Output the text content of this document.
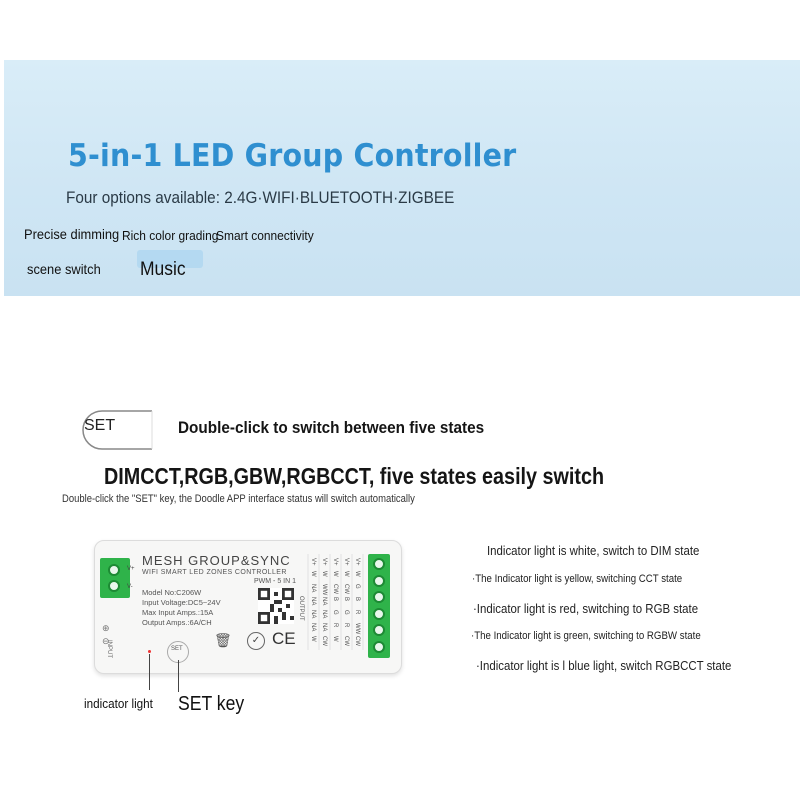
5-in-1 LED Group Controller
Four options available: 2.4G·WIFI·BLUETOOTH·ZIGBEE
Precise dimming Rich color grading
Smart connectivity
scene switch Music
SET	Double-click to switch between five states
DIMCCT,RGB,GBW,RGBCCT, five states easily switch
Double-click the "SET" key, the Doodle APP interface status will switch automatically
V+
V-
⊕
⊖
INPUT
MESH GROUP&SYNC
WIFI SMART LED ZONES CONTROLLER
PWM - 5 IN 1
Model No:C206W
Input Voltage:DC5~24V
Max Input Amps.:15A
Output Amps.:6A/CH
✓ CE
🗑
V+ V+ V+ V+ V+
W W W W W
NA WW CW CW G
NA NA B B B
NA NA G G R
NA NA R R WW
W CW W CW CW
OUTPUT
SET
indicator light SET key
Indicator light is white, switch to DIM state
·The Indicator light is yellow, switching CCT state
·Indicator light is red, switching to RGB state
·The Indicator light is green, switching to RGBW state
·Indicator light is l blue light, switch RGBCCT state
